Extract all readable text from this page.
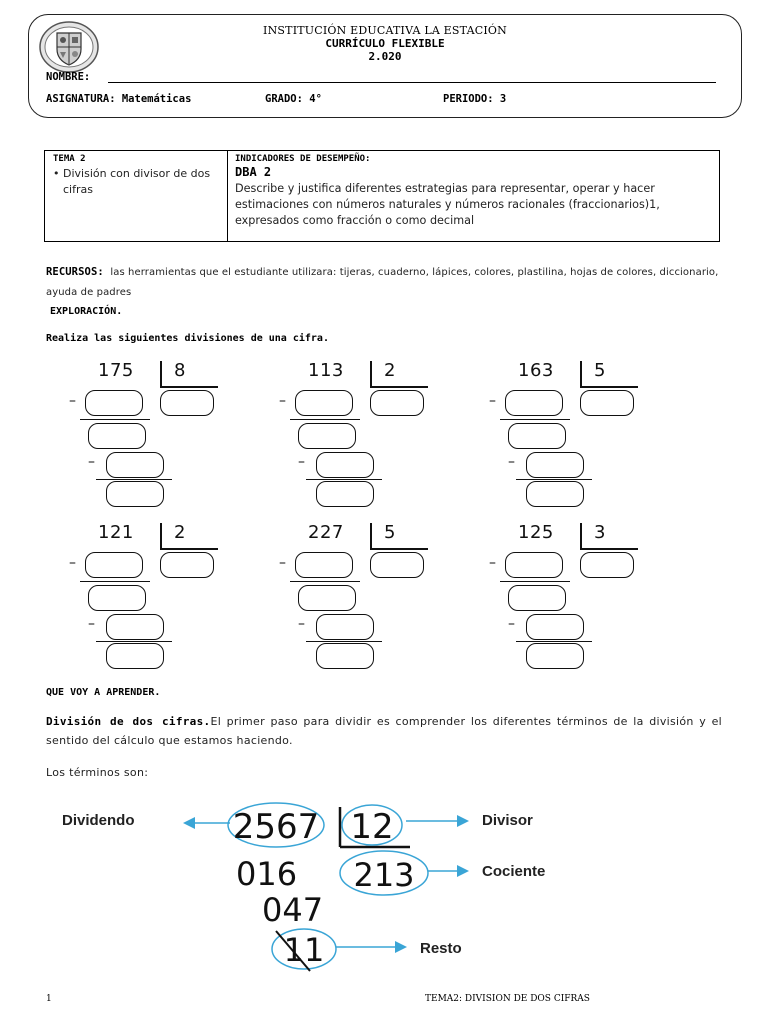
INSTITUCIÓN EDUCATIVA LA ESTACIÓN
CURRÍCULO FLEXIBLE
2.020
NOMBRE:
ASIGNATURA: Matemáticas	GRADO: 4°	PERIODO: 3
TEMA 2
• División con divisor de dos cifras
INDICADORES DE DESEMPEÑO:
DBA 2
Describe y justifica diferentes estrategias para representar, operar y hacer estimaciones con números naturales y números racionales (fraccionarios)1, expresados como fracción o como decimal
RECURSOS: las herramientas que el estudiante utilizara: tijeras, cuaderno, lápices, colores, plastilina, hojas de colores, diccionario, ayuda de padres
EXPLORACIÓN.
Realiza las siguientes divisiones de una cifra.
175 8
–
–
113 2
–
–
163 5
–
–
121 2
–
–
227 5
–
–
125 3
–
–
QUE VOY A APRENDER.
División de dos cifras.El primer paso para dividir es comprender los diferentes términos de la división y el sentido del cálculo que estamos haciendo.
Los términos son:
Dividendo	2567 12	Divisor
016 213	Cociente
047
11	Resto
1	TEMA2: DIVISION DE DOS CIFRAS
